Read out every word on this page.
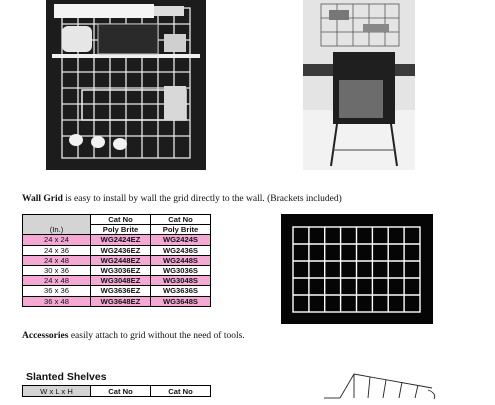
Wall Grid is easy to install by wall the grid directly to the wall. (Brackets included)
(In.)	Cat No	Cat No
	Poly Brite	Poly Brite
24 x 24	WG2424EZ	WG2424S
24 x 36	WG2436EZ	WG2436S
24 x 48	WG2448EZ	WG2448S
30 x 36	WG3036EZ	WG3036S
24 x 48	WG3048EZ	WG3048S
36 x 36	WG3636EZ	WG3636S
36 x 48	WG3648EZ	WG3648S
Accessories easily attach to grid without the need of tools.
Slanted Shelves
W x L x H	Cat No	Cat No
